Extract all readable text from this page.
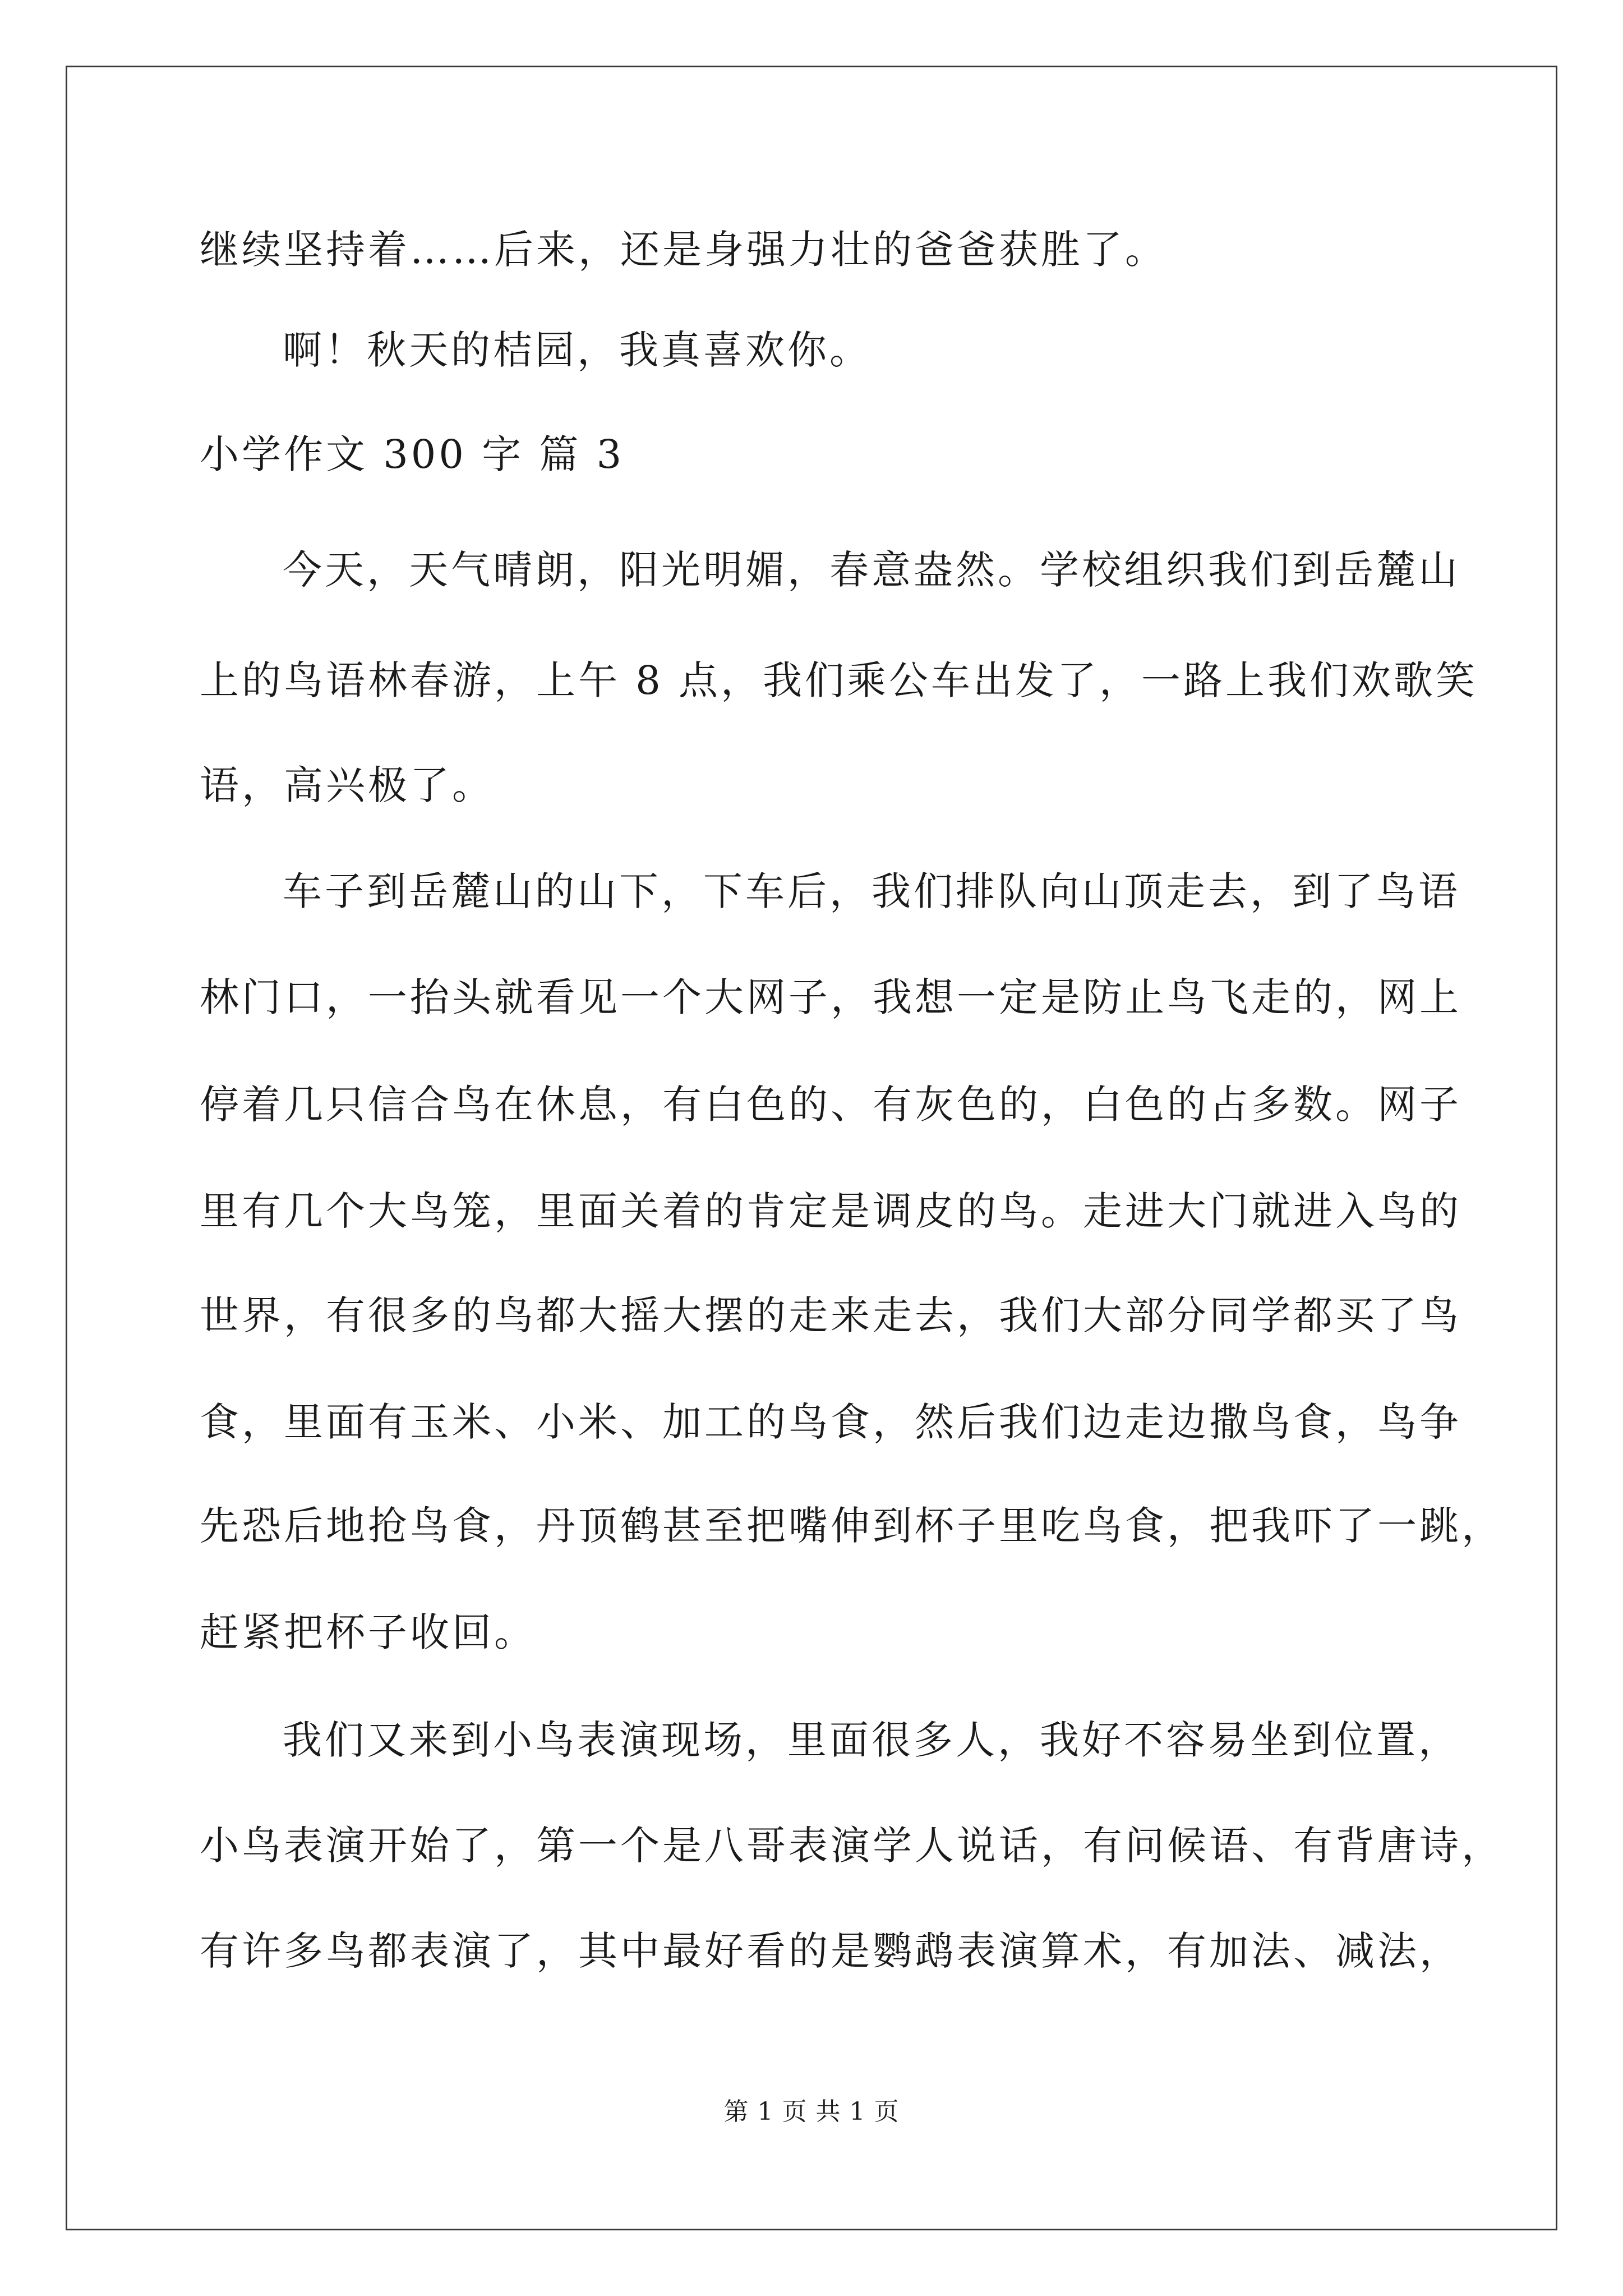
继续坚持着……后来，还是身强力壮的爸爸获胜了。
啊！秋天的桔园，我真喜欢你。
小学作文 300 字 篇 3
今天，天气晴朗，阳光明媚，春意盎然。学校组织我们到岳麓山
上的鸟语林春游，上午 8 点，我们乘公车出发了，一路上我们欢歌笑
语，高兴极了。
车子到岳麓山的山下，下车后，我们排队向山顶走去，到了鸟语
林门口，一抬头就看见一个大网子，我想一定是防止鸟飞走的，网上
停着几只信合鸟在休息，有白色的、有灰色的，白色的占多数。网子
里有几个大鸟笼，里面关着的肯定是调皮的鸟。走进大门就进入鸟的
世界，有很多的鸟都大摇大摆的走来走去，我们大部分同学都买了鸟
食，里面有玉米、小米、加工的鸟食，然后我们边走边撒鸟食，鸟争
先恐后地抢鸟食，丹顶鹤甚至把嘴伸到杯子里吃鸟食，把我吓了一跳，
赶紧把杯子收回。
我们又来到小鸟表演现场，里面很多人，我好不容易坐到位置，
小鸟表演开始了，第一个是八哥表演学人说话，有问候语、有背唐诗，
有许多鸟都表演了，其中最好看的是鹦鹉表演算术，有加法、减法，
第 1 页 共 1 页
